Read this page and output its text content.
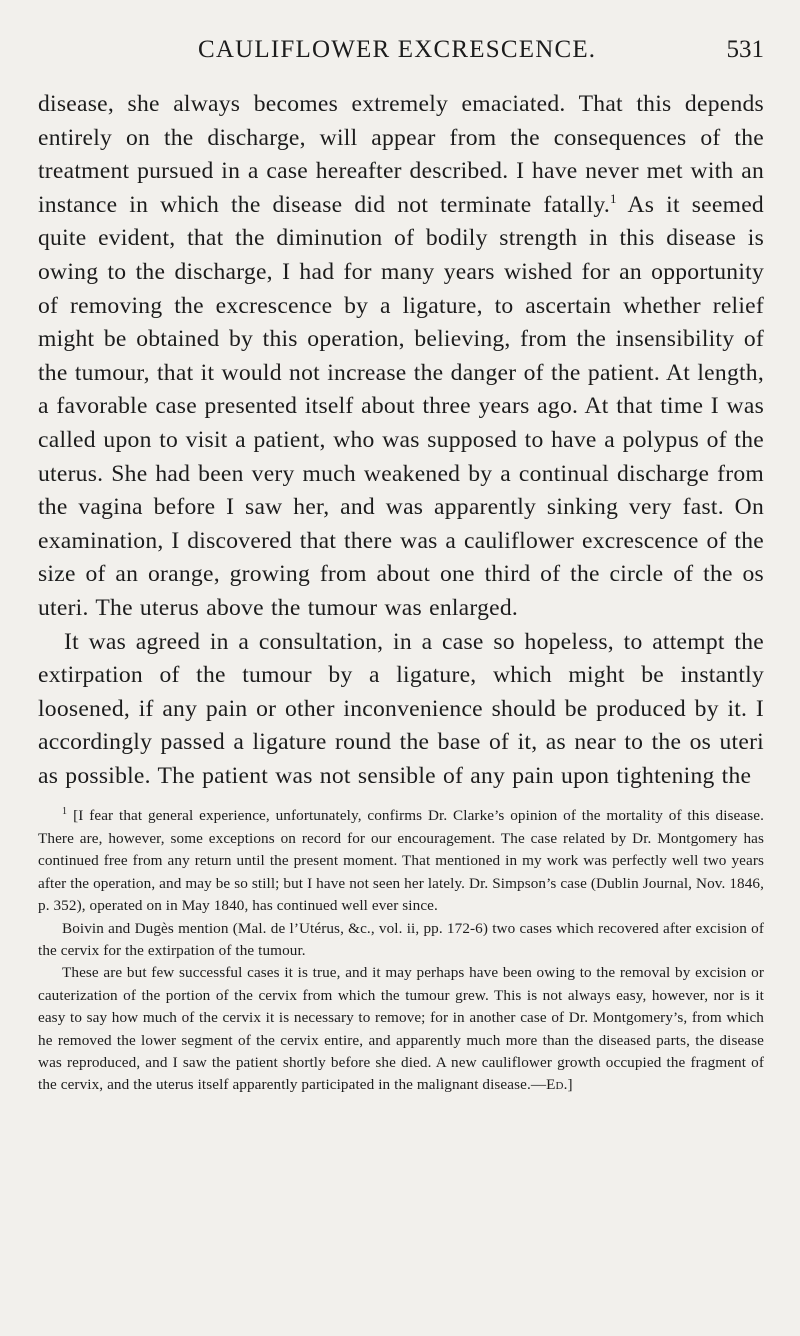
CAULIFLOWER EXCRESCENCE.	531

disease, she always becomes extremely emaciated. That this depends entirely on the discharge, will appear from the consequences of the treatment pursued in a case hereafter described. I have never met with an instance in which the disease did not terminate fatally.$^1$ As it seemed quite evident, that the diminution of bodily strength in this disease is owing to the discharge, I had for many years wished for an opportunity of removing the excrescence by a ligature, to ascertain whether relief might be obtained by this operation, believing, from the insensibility of the tumour, that it would not increase the danger of the patient. At length, a favorable case presented itself about three years ago. At that time I was called upon to visit a patient, who was supposed to have a polypus of the uterus. She had been very much weakened by a continual discharge from the vagina before I saw her, and was apparently sinking very fast. On examination, I discovered that there was a cauliflower excrescence of the size of an orange, growing from about one third of the circle of the os uteri. The uterus above the tumour was enlarged.

It was agreed in a consultation, in a case so hopeless, to attempt the extirpation of the tumour by a ligature, which might be instantly loosened, if any pain or other inconvenience should be produced by it. I accordingly passed a ligature round the base of it, as near to the os uteri as possible. The patient was not sensible of any pain upon tightening the

$^1$ [I fear that general experience, unfortunately, confirms Dr. Clarke’s opinion of the mortality of this disease. There are, however, some exceptions on record for our encouragement. The case related by Dr. Montgomery has continued free from any return until the present moment. That mentioned in my work was perfectly well two years after the operation, and may be so still; but I have not seen her lately. Dr. Simpson’s case (Dublin Journal, Nov. 1846, p. 352), operated on in May 1840, has continued well ever since.

Boivin and Dugès mention (Mal. de l’Utérus, &c., vol. ii, pp. 172-6) two cases which recovered after excision of the cervix for the extirpation of the tumour.

These are but few successful cases it is true, and it may perhaps have been owing to the removal by excision or cauterization of the portion of the cervix from which the tumour grew. This is not always easy, however, nor is it easy to say how much of the cervix it is necessary to remove; for in another case of Dr. Montgomery’s, from which he removed the lower segment of the cervix entire, and apparently much more than the diseased parts, the disease was reproduced, and I saw the patient shortly before she died. A new cauliflower growth occupied the fragment of the cervix, and the uterus itself apparently participated in the malignant disease.—Ed.]
